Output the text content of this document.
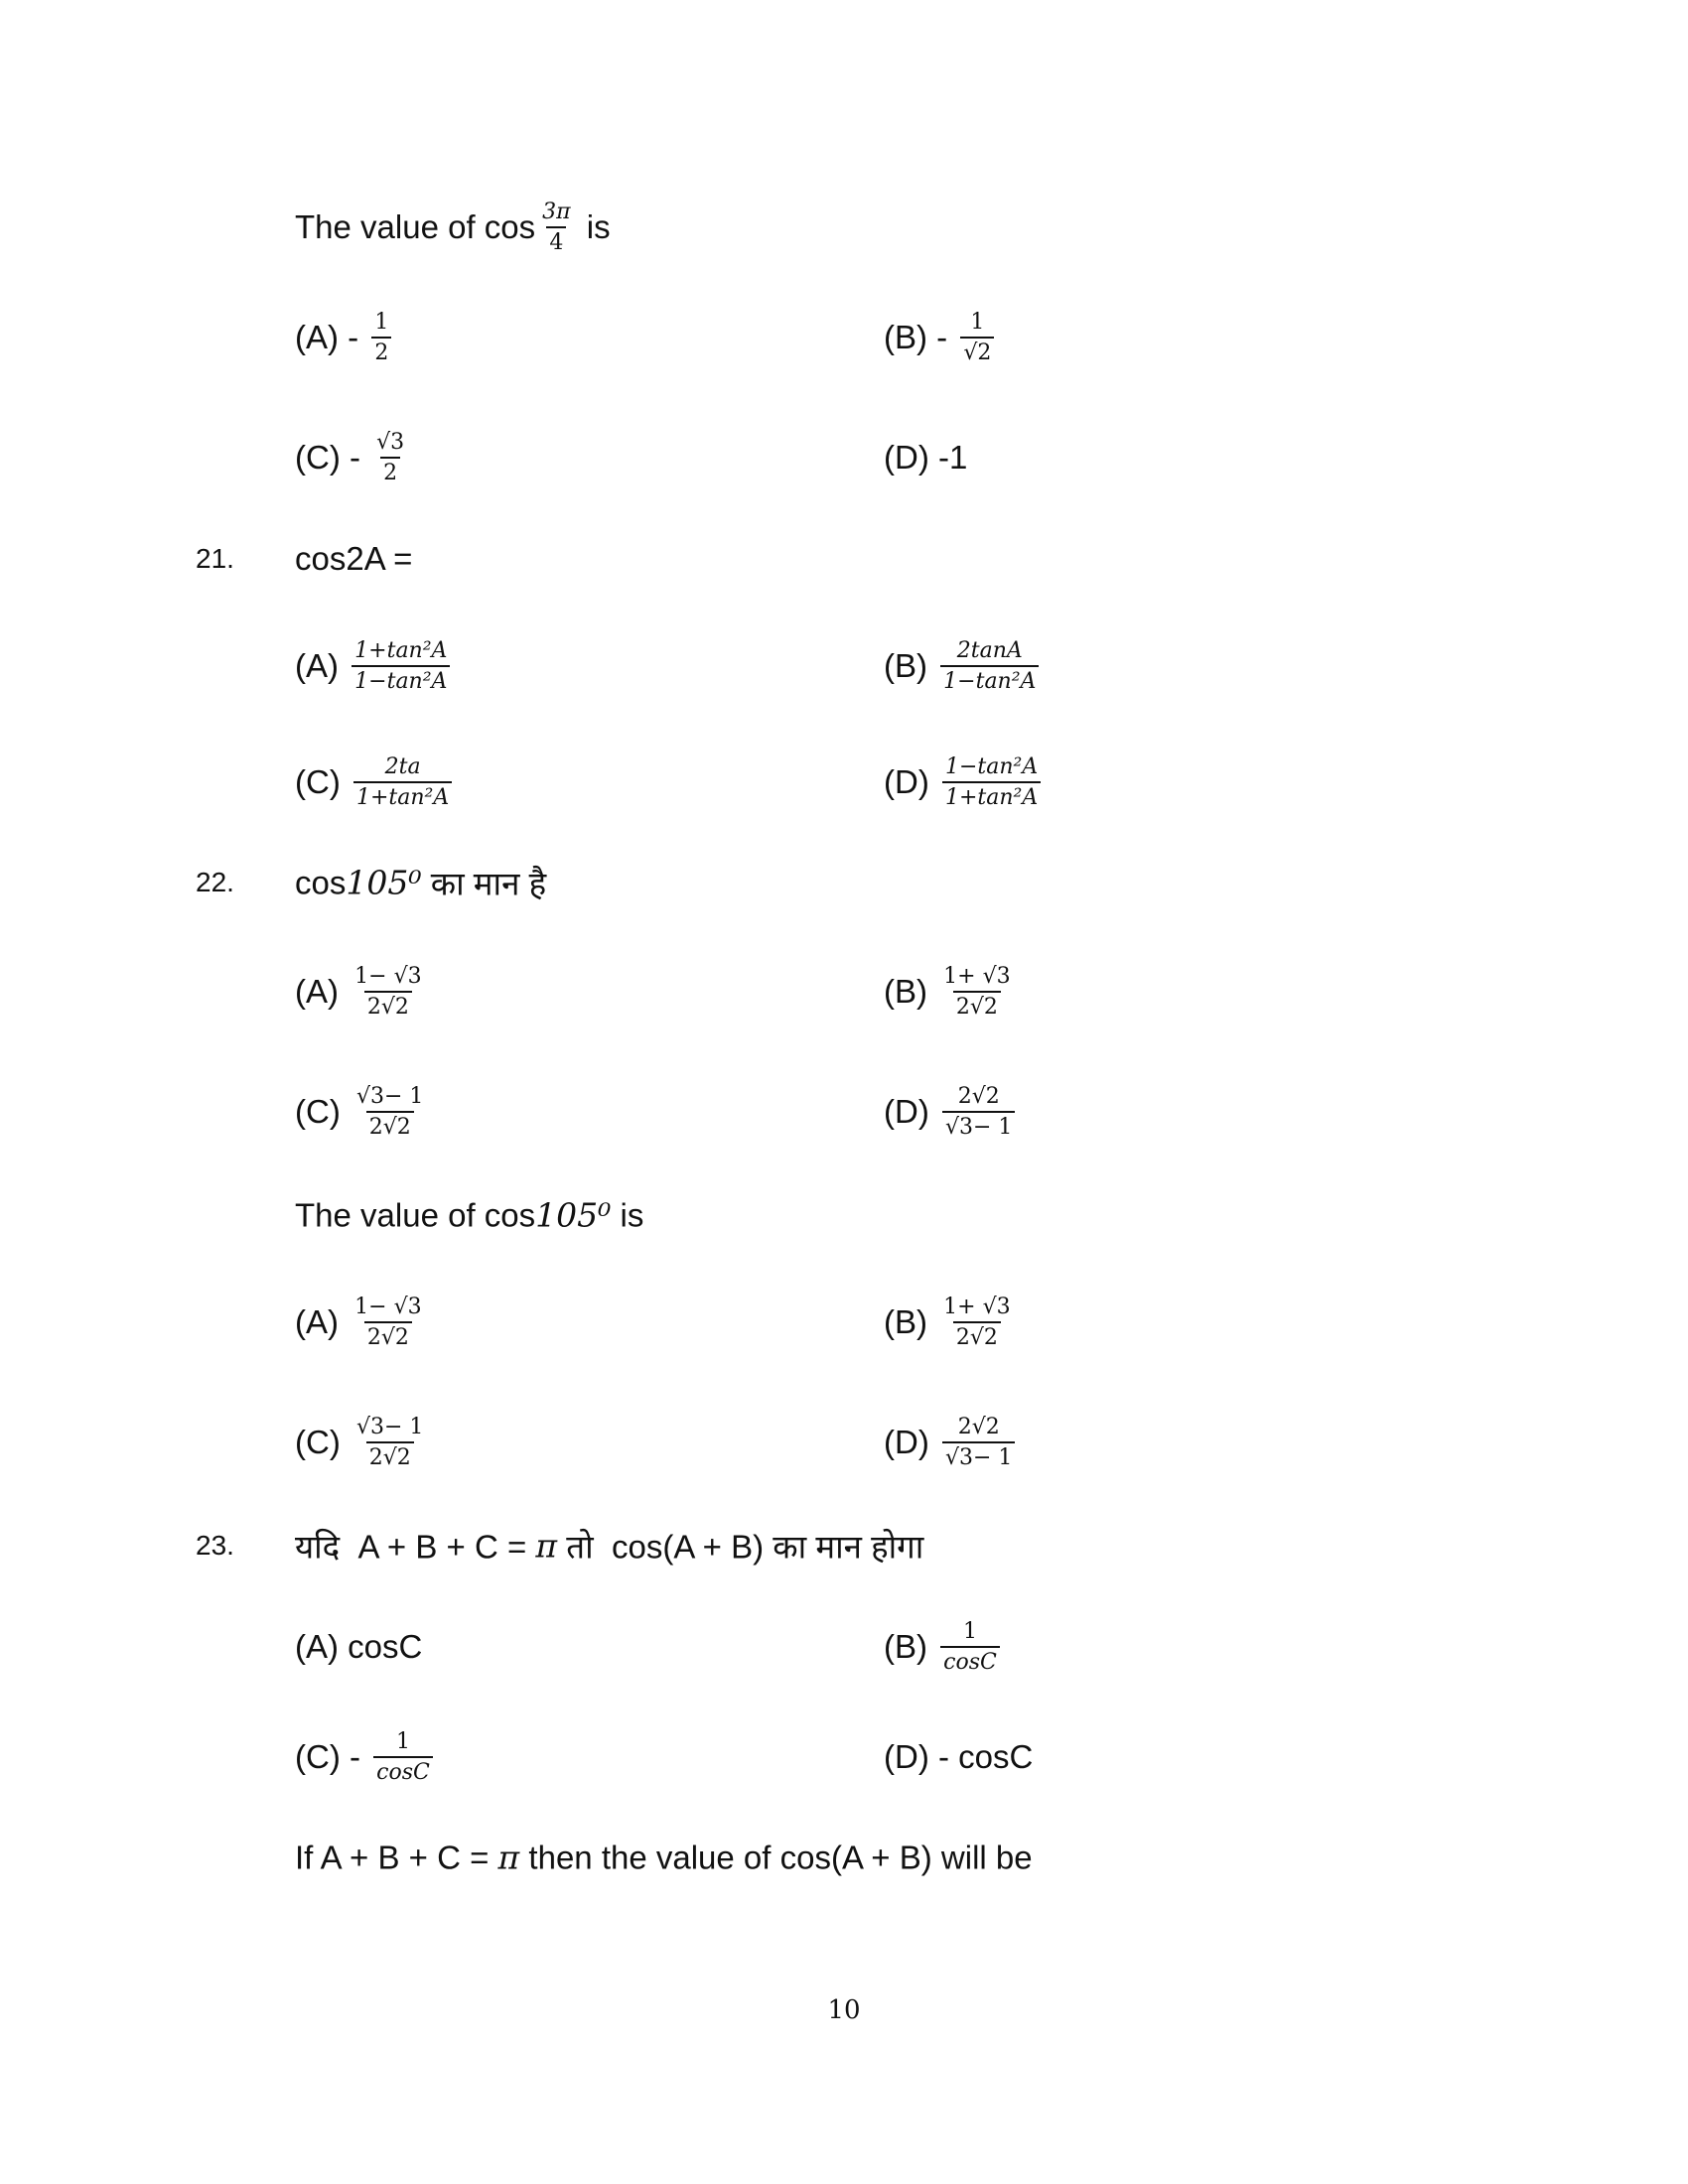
The value of $\cos \frac{3\pi}{4}$ is
$(A) - \frac{1}{2}$	$(B) - \frac{1}{√2}$
$(C) - \frac{√3}{2}$	(D) -1
21. cos2A =
$(A) \frac{\text{1+tan²A}}{\text{1−tan²A}}$	$(B) \frac{2\tan A}{\text{1−tan²A}}$
$(C) \frac{2ta}{\text{1+tan²A}}$	$(D) \frac{\text{1−tan²A}}{\text{1+tan²A}}$
22. cos 105⁰ का मान है
$(A) \frac{1- √3}{2√2}$	$(B) \frac{1+ √3}{2√2}$
$(C) \frac{√3- 1}{2√2}$	$(D) \frac{2√2}{√3- 1}$
The value of cos 105⁰ is
$(A) \frac{1- √3}{2√2}$	$(B) \frac{1+ √3}{2√2}$
$(C) \frac{√3- 1}{2√2}$	$(D) \frac{2√2}{√3- 1}$
23. यदि  A + B + C = π तो  cos(A + B) का मान होगा
(A) cosC	$(B) \frac{1}{\cos C}$
$(C) - \frac{1}{\cos C}$	(D) - cosC
If A + B + C = π then the value of cos(A + B) will be
10
